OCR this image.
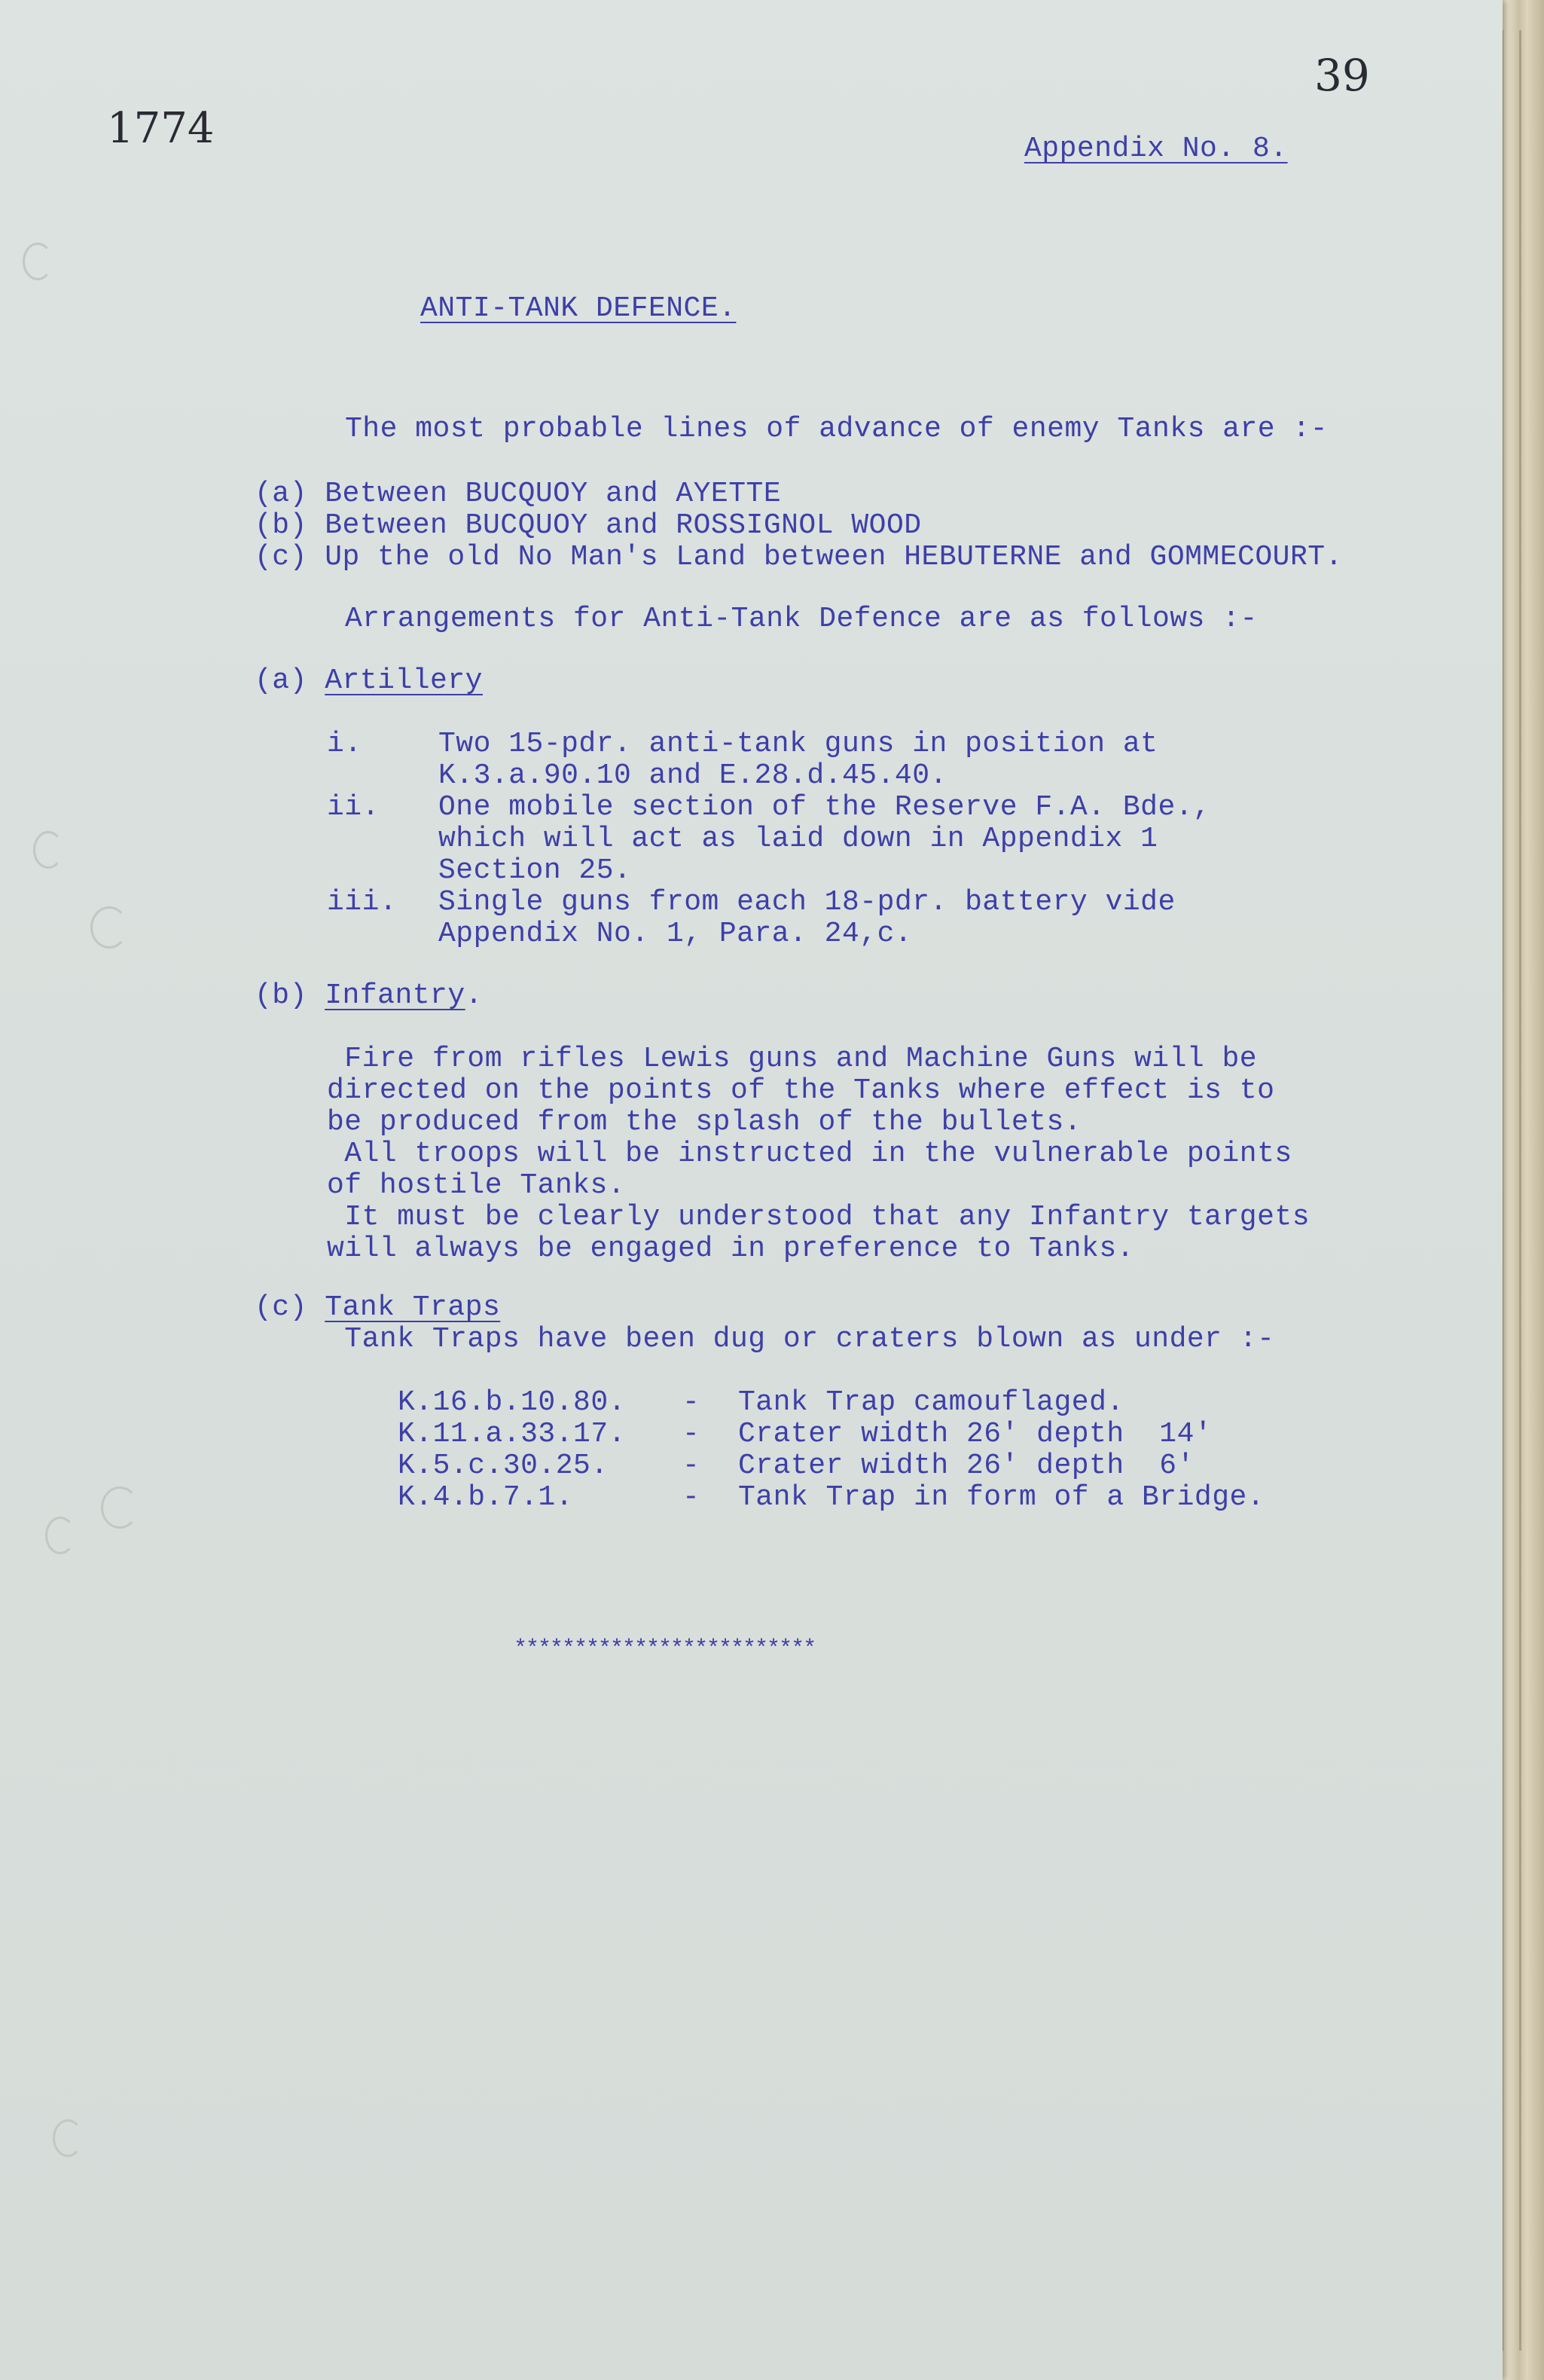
1774
39
Appendix No. 8.
ANTI-TANK DEFENCE.
The most probable lines of advance of enemy Tanks are :-
(a) Between BUCQUOY and AYETTE
(b) Between BUCQUOY and ROSSIGNOL WOOD
(c) Up the old No Man's Land between HEBUTERNE and GOMMECOURT.
Arrangements for Anti-Tank Defence are as follows :-
(a) Artillery
i.	Two 15-pdr. anti-tank guns in position at
K.3.a.90.10 and E.28.d.45.40.
ii. One mobile section of the Reserve F.A. Bde.,
which will act as laid down in Appendix 1
Section 25.
iii. Single guns from each 18-pdr. battery vide
Appendix No. 1, Para. 24,c.
(b) Infantry.
Fire from rifles Lewis guns and Machine Guns will be
directed on the points of the Tanks where effect is to
be produced from the splash of the bullets.
All troops will be instructed in the vulnerable points
of hostile Tanks.
It must be clearly understood that any Infantry targets
will always be engaged in preference to Tanks.
(c) Tank Traps
Tank Traps have been dug or craters blown as under :-
K.16.b.10.80. - Tank Trap camouflaged.
K.11.a.33.17. - Crater width 26' depth  14'
K.5.c.30.25.	- Crater width 26' depth  6'
K.4.b.7.1.	- Tank Trap in form of a Bridge.
*************************
